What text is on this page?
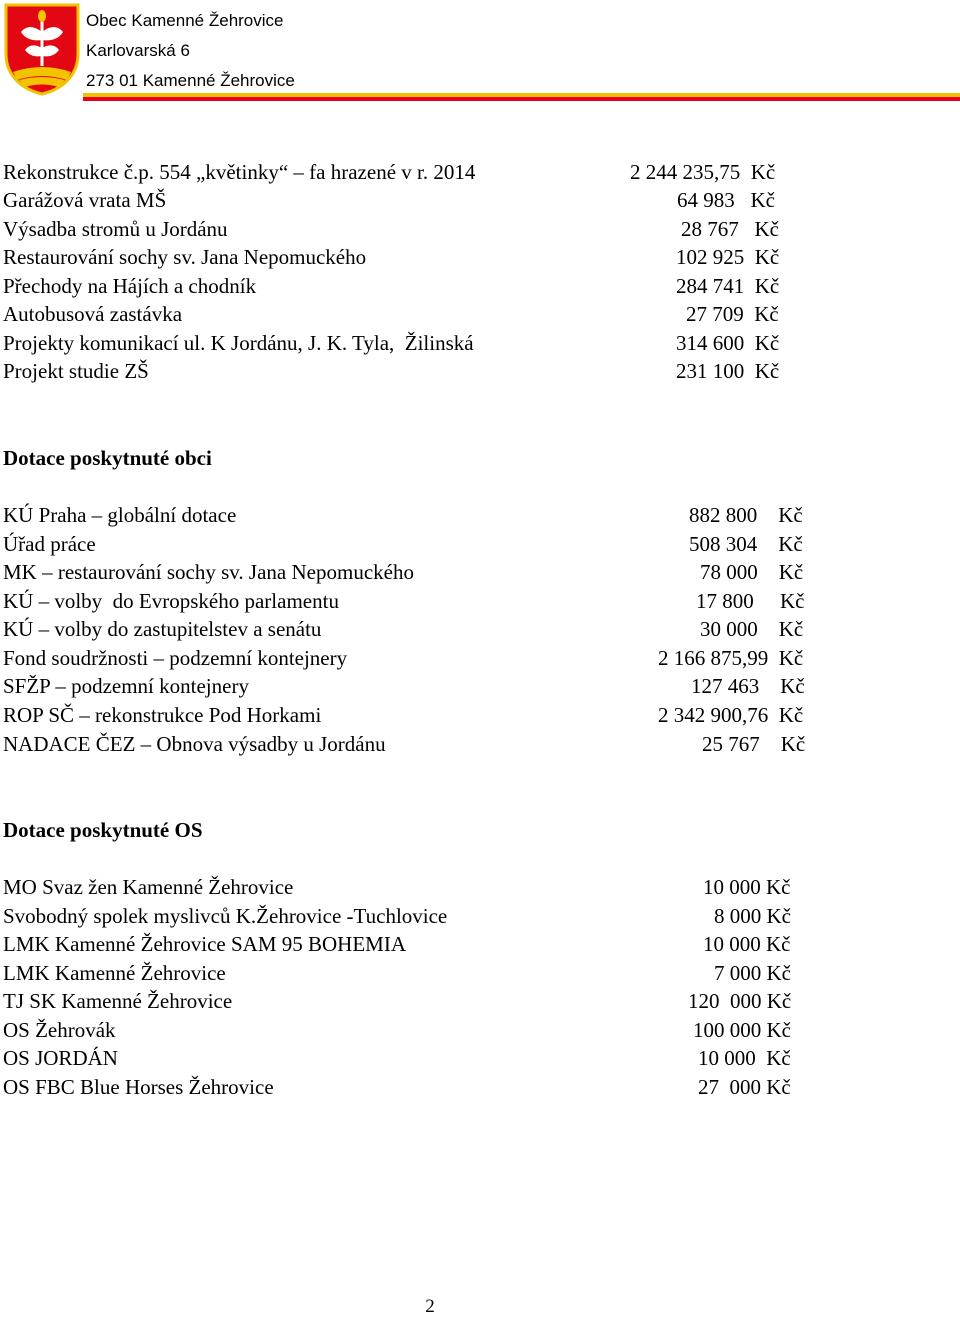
Obec Kamenné Žehrovice
Karlovarská 6
273 01 Kamenné Žehrovice
Rekonstrukce č.p. 554 „květinky“ – fa hrazené v r. 2014	2 244 235,75  Kč
Garážová vrata MŠ	64 983   Kč
Výsadba stromů u Jordánu	28 767   Kč
Restaurování sochy sv. Jana Nepomuckého	102 925  Kč
Přechody na Hájích a chodník	284 741  Kč
Autobusová zastávka	27 709  Kč
Projekty komunikací ul. K Jordánu, J. K. Tyla,  Žilinská	314 600  Kč
Projekt studie ZŠ	231 100  Kč
Dotace poskytnuté obci
KÚ Praha – globální dotace	882 800    Kč
Úřad práce	508 304    Kč
MK – restaurování sochy sv. Jana Nepomuckého	78 000    Kč
KÚ – volby  do Evropského parlamentu	17 800     Kč
KÚ – volby do zastupitelstev a senátu	30 000    Kč
Fond soudržnosti – podzemní kontejnery	2 166 875,99  Kč
SFŽP – podzemní kontejnery	127 463    Kč
ROP SČ – rekonstrukce Pod Horkami	2 342 900,76  Kč
NADACE ČEZ – Obnova výsadby u Jordánu	25 767    Kč
Dotace poskytnuté OS
MO Svaz žen Kamenné Žehrovice	10 000 Kč
Svobodný spolek myslivců K.Žehrovice -Tuchlovice	8 000 Kč
LMK Kamenné Žehrovice SAM 95 BOHEMIA	10 000 Kč
LMK Kamenné Žehrovice	7 000 Kč
TJ SK Kamenné Žehrovice	120  000 Kč
OS Žehrovák	100 000 Kč
OS JORDÁN	10 000  Kč
OS FBC Blue Horses Žehrovice	27  000 Kč
2
